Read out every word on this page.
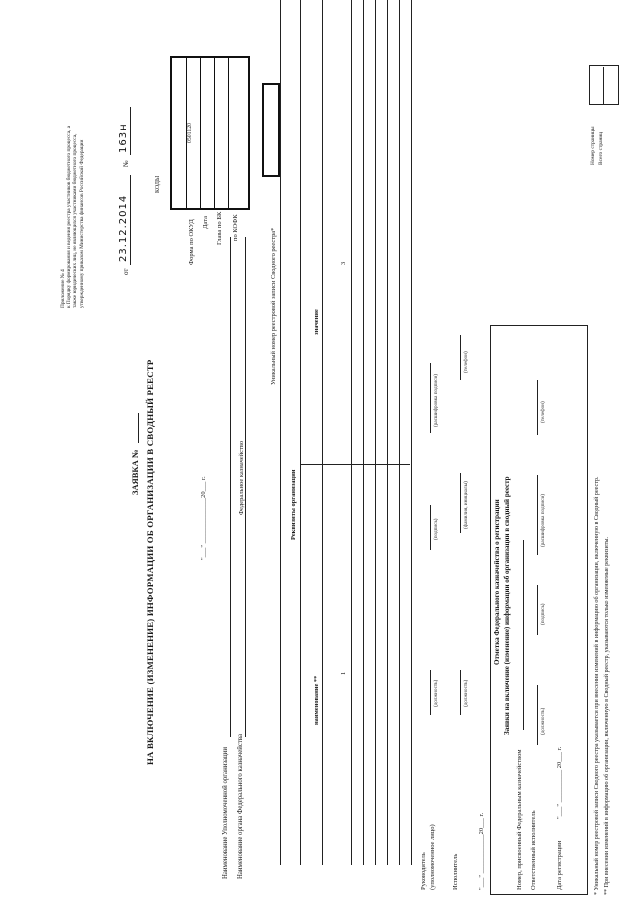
Приложение № 4 к Порядку формирования и ведения реестра участников бюджетного процесса, а также юридических лиц, не являющихся участниками бюджетного процесса, утвержденному приказом Министерства финансов Российской Федерации
ЗАЯВКА № НА ВКЛЮЧЕНИЕ (ИЗМЕНЕНИЕ) ИНФОРМАЦИИ ОБ ОРГАНИЗАЦИИ В СВОДНЫЙ РЕЕСТР
от
23.12.2014
№
163н
"___" ______________20___ г.
КОДЫ
0501120
Форма по ОКУД Дата Глава по БК по КОФК
Наименование Уполномоченной организации Наименование органа Федерального казначейства
Федеральное казначейство
Уникальный номер реестровой записи Сводного реестра*
Реквизиты организации
значение
наименование **
1
3
Руководитель (уполномоченное лицо)
(должность)
(подпись)
(расшифровка подписи)
Исполнитель
(должность)
(фамилия, инициалы)
(телефон)
"___" ____________20___ г.
Отметка Федерального казначейства о регистрации Заявки на включение (изменение) информации об организации в сводный реестр
Номер, присвоенный Федеральным казначейством Ответственный исполнитель
(должность)
(подпись)
(расшифровка подписи)
(телефон)
Дата регистрации
"___" __________ 20___ г.	* Уникальный номер реестровой записи Сводного реестра указывается при внесении изменений в информацию об организации, включенную в Сводный реестр. ** При внесении изменений в информацию об организации, включенную в Сводный реестр, указываются только изменяемые реквизиты.
Номер страницы Всего страниц
